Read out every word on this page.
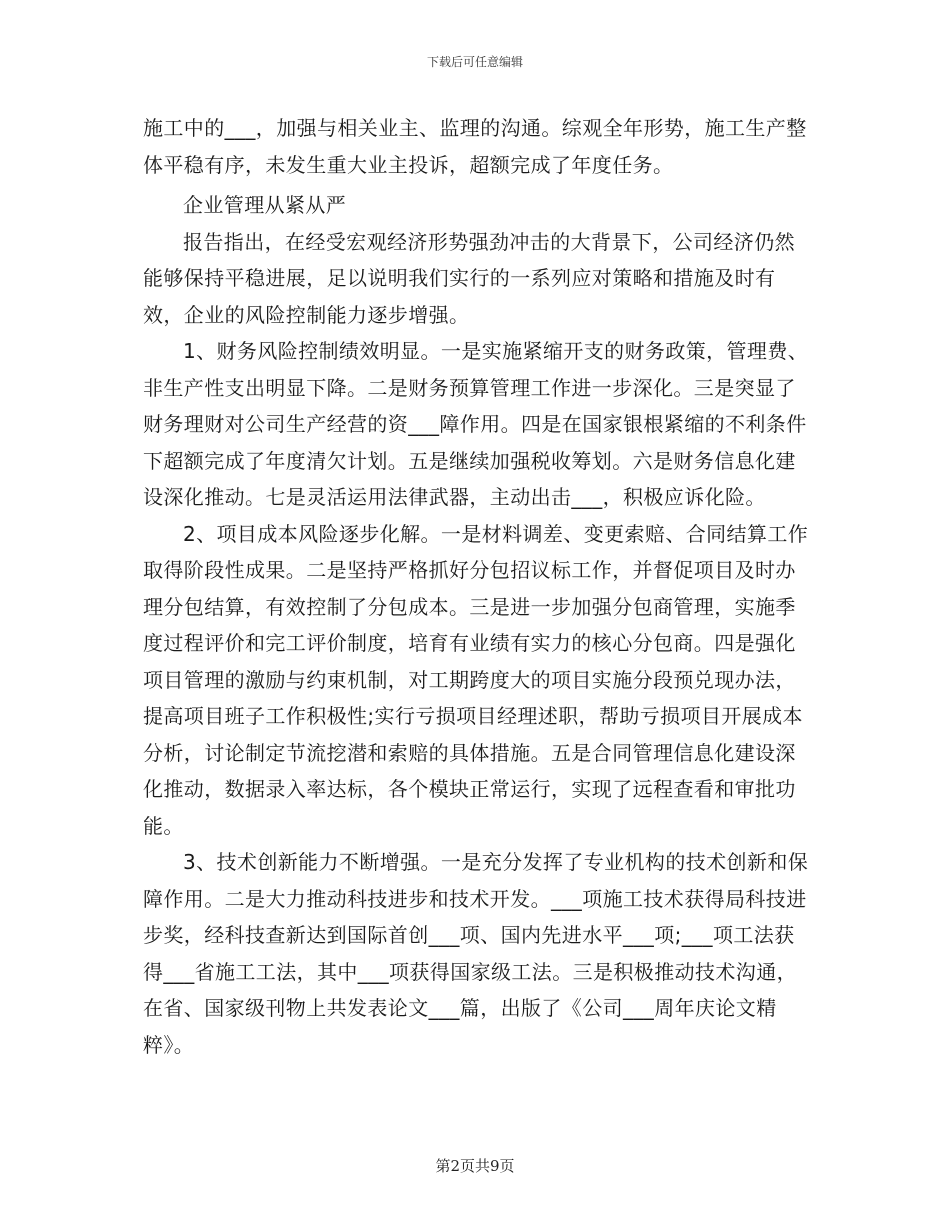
下载后可任意编辑

施工中的___，加强与相关业主、监理的沟通。综观全年形势，施工生产整体平稳有序，未发生重大业主投诉，超额完成了年度任务。

企业管理从紧从严

报告指出，在经受宏观经济形势强劲冲击的大背景下，公司经济仍然能够保持平稳进展，足以说明我们实行的一系列应对策略和措施及时有效，企业的风险控制能力逐步增强。

1、财务风险控制绩效明显。一是实施紧缩开支的财务政策，管理费、非生产性支出明显下降。二是财务预算管理工作进一步深化。三是突显了财务理财对公司生产经营的资___障作用。四是在国家银根紧缩的不利条件下超额完成了年度清欠计划。五是继续加强税收筹划。六是财务信息化建设深化推动。七是灵活运用法律武器，主动出击___，积极应诉化险。

2、项目成本风险逐步化解。一是材料调差、变更索赔、合同结算工作取得阶段性成果。二是坚持严格抓好分包招议标工作，并督促项目及时办理分包结算，有效控制了分包成本。三是进一步加强分包商管理，实施季度过程评价和完工评价制度，培育有业绩有实力的核心分包商。四是强化项目管理的激励与约束机制，对工期跨度大的项目实施分段预兑现办法，提高项目班子工作积极性;实行亏损项目经理述职，帮助亏损项目开展成本分析，讨论制定节流挖潜和索赔的具体措施。五是合同管理信息化建设深化推动，数据录入率达标，各个模块正常运行，实现了远程查看和审批功能。

3、技术创新能力不断增强。一是充分发挥了专业机构的技术创新和保障作用。二是大力推动科技进步和技术开发。___项施工技术获得局科技进步奖，经科技查新达到国际首创___项、国内先进水平___项;___项工法获得___省施工工法，其中___项获得国家级工法。三是积极推动技术沟通，在省、国家级刊物上共发表论文___篇，出版了《公司___周年庆论文精粹》。

第2页共9页
